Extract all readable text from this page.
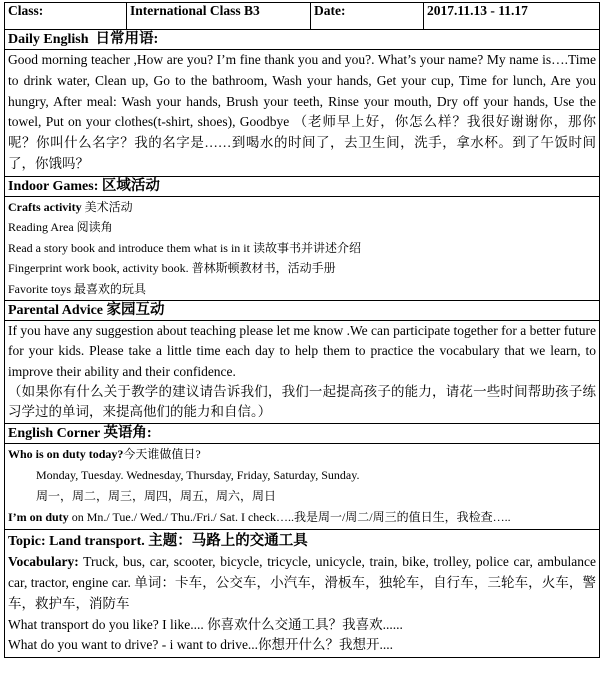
Class:	International Class B3	Date:	2017.11.13 - 11.17
Daily English 日常用语:
Good morning teacher ,How are you? I’m fine thank you and you?. What’s your name? My name is….Time to drink water, Clean up, Go to the bathroom, Wash your hands, Get your cup, Time for lunch, Are you hungry, After meal: Wash your hands, Brush your teeth, Rinse your mouth, Dry off your hands, Use the towel, Put on your clothes(t-shirt, shoes), Goodbye （老师早上好，你怎么样？我很好谢谢你，那你呢？你叫什么名字？我的名字是……到喝水的时间了，去卫生间，洗手，拿水杯。到了午饭时间了，你饿吗？
Indoor Games: 区域活动

Crafts activity 美术活动
Reading Area 阅读角
Read a story book and introduce them what is in it 读故事书并讲述介绍
Fingerprint work book, activity book. 普林斯顿教材书，活动手册
Favorite toys 最喜欢的玩具

Parental Advice 家园互动

If you have any suggestion about teaching please let me know .We can participate together for a better future for your kids. Please take a little time each day to help them to practice the vocabulary that we learn, to improve their ability and their confidence.
（如果你有什么关于教学的建议请告诉我们，我们一起提高孩子的能力，请花一些时间帮助孩子练习学过的单词，来提高他们的能力和自信。）

English Corner 英语角:

Who is on duty today?今天谁做值日?
Monday, Tuesday. Wednesday, Thursday, Friday, Saturday, Sunday.
周一，周二，周三，周四，周五，周六，周日
I’m on duty on Mn./ Tue./ Wed./ Thu./Fri./ Sat. I check…..我是周一/周二/周三的值日生，我检查…..

Topic: Land transport. 主题：马路上的交通工具
Vocabulary: Truck, bus, car, scooter, bicycle, tricycle, unicycle, train, bike, trolley, police car, ambulance car, tractor, engine car. 单词：卡车，公交车，小汽车，滑板车，独轮车，自行车，三轮车，火车，警车，救护车，消防车
What transport do you like? I like.... 你喜欢什么交通工具？我喜欢......
What do you want to drive? - i want to drive...你想开什么？我想开....
